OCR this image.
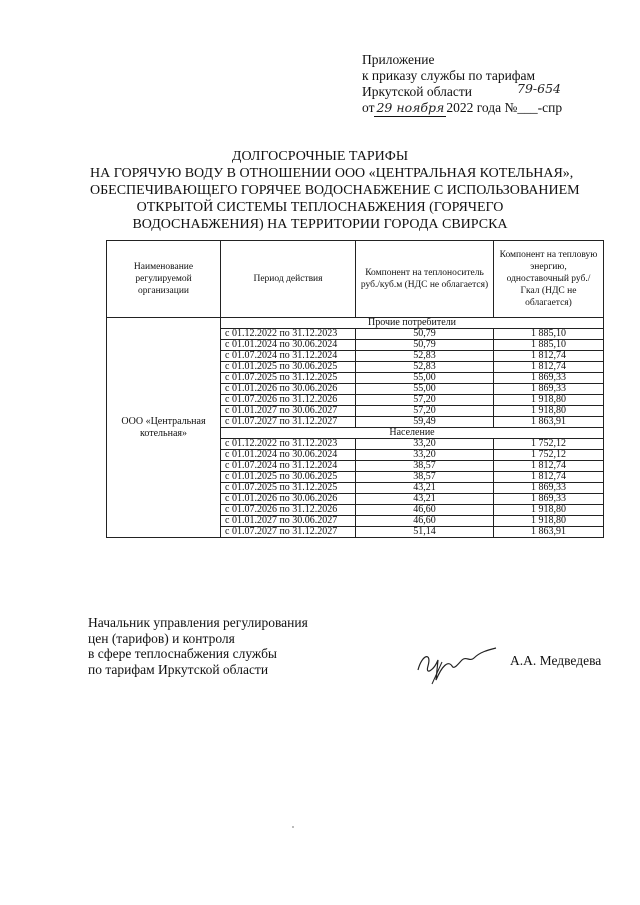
Приложение
к приказу службы по тарифам
Иркутской области	79-654
от 29 ноября 2022 года №___-спр
ДОЛГОСРОЧНЫЕ ТАРИФЫ
НА ГОРЯЧУЮ ВОДУ В ОТНОШЕНИИ ООО «ЦЕНТРАЛЬНАЯ КОТЕЛЬНАЯ»,
ОБЕСПЕЧИВАЮЩЕГО ГОРЯЧЕЕ ВОДОСНАБЖЕНИЕ С ИСПОЛЬЗОВАНИЕМ
ОТКРЫТОЙ СИСТЕМЫ ТЕПЛОСНАБЖЕНИЯ (ГОРЯЧЕГО
ВОДОСНАБЖЕНИЯ) НА ТЕРРИТОРИИ ГОРОДА СВИРСКА
Наименование регулируемой организации	Период действия	Компонент на теплоноситель руб./куб.м (НДС не облагается)	Компонент на тепловую энергию, одноставочный руб./Гкал (НДС не облагается)
ООО «Центральная котельная»	Прочие потребители		
	с 01.12.2022 по 31.12.2023	50,79	1 885,10
	с 01.01.2024 по 30.06.2024	50,79	1 885,10
	с 01.07.2024 по 31.12.2024	52,83	1 812,74
	с 01.01.2025 по 30.06.2025	52,83	1 812,74
	с 01.07.2025 по 31.12.2025	55,00	1 869,33
	с 01.01.2026 по 30.06.2026	55,00	1 869,33
	с 01.07.2026 по 31.12.2026	57,20	1 918,80
	с 01.01.2027 по 30.06.2027	57,20	1 918,80
	с 01.07.2027 по 31.12.2027	59,49	1 863,91
	Население		
	с 01.12.2022 по 31.12.2023	33,20	1 752,12
	с 01.01.2024 по 30.06.2024	33,20	1 752,12
	с 01.07.2024 по 31.12.2024	38,57	1 812,74
	с 01.01.2025 по 30.06.2025	38,57	1 812,74
	с 01.07.2025 по 31.12.2025	43,21	1 869,33
	с 01.01.2026 по 30.06.2026	43,21	1 869,33
	с 01.07.2026 по 31.12.2026	46,60	1 918,80
	с 01.01.2027 по 30.06.2027	46,60	1 918,80
	с 01.07.2027 по 31.12.2027	51,14	1 863,91
Начальник управления регулирования
цен (тарифов) и контроля
в сфере теплоснабжения службы
по тарифам Иркутской области
А.А. Медведева
